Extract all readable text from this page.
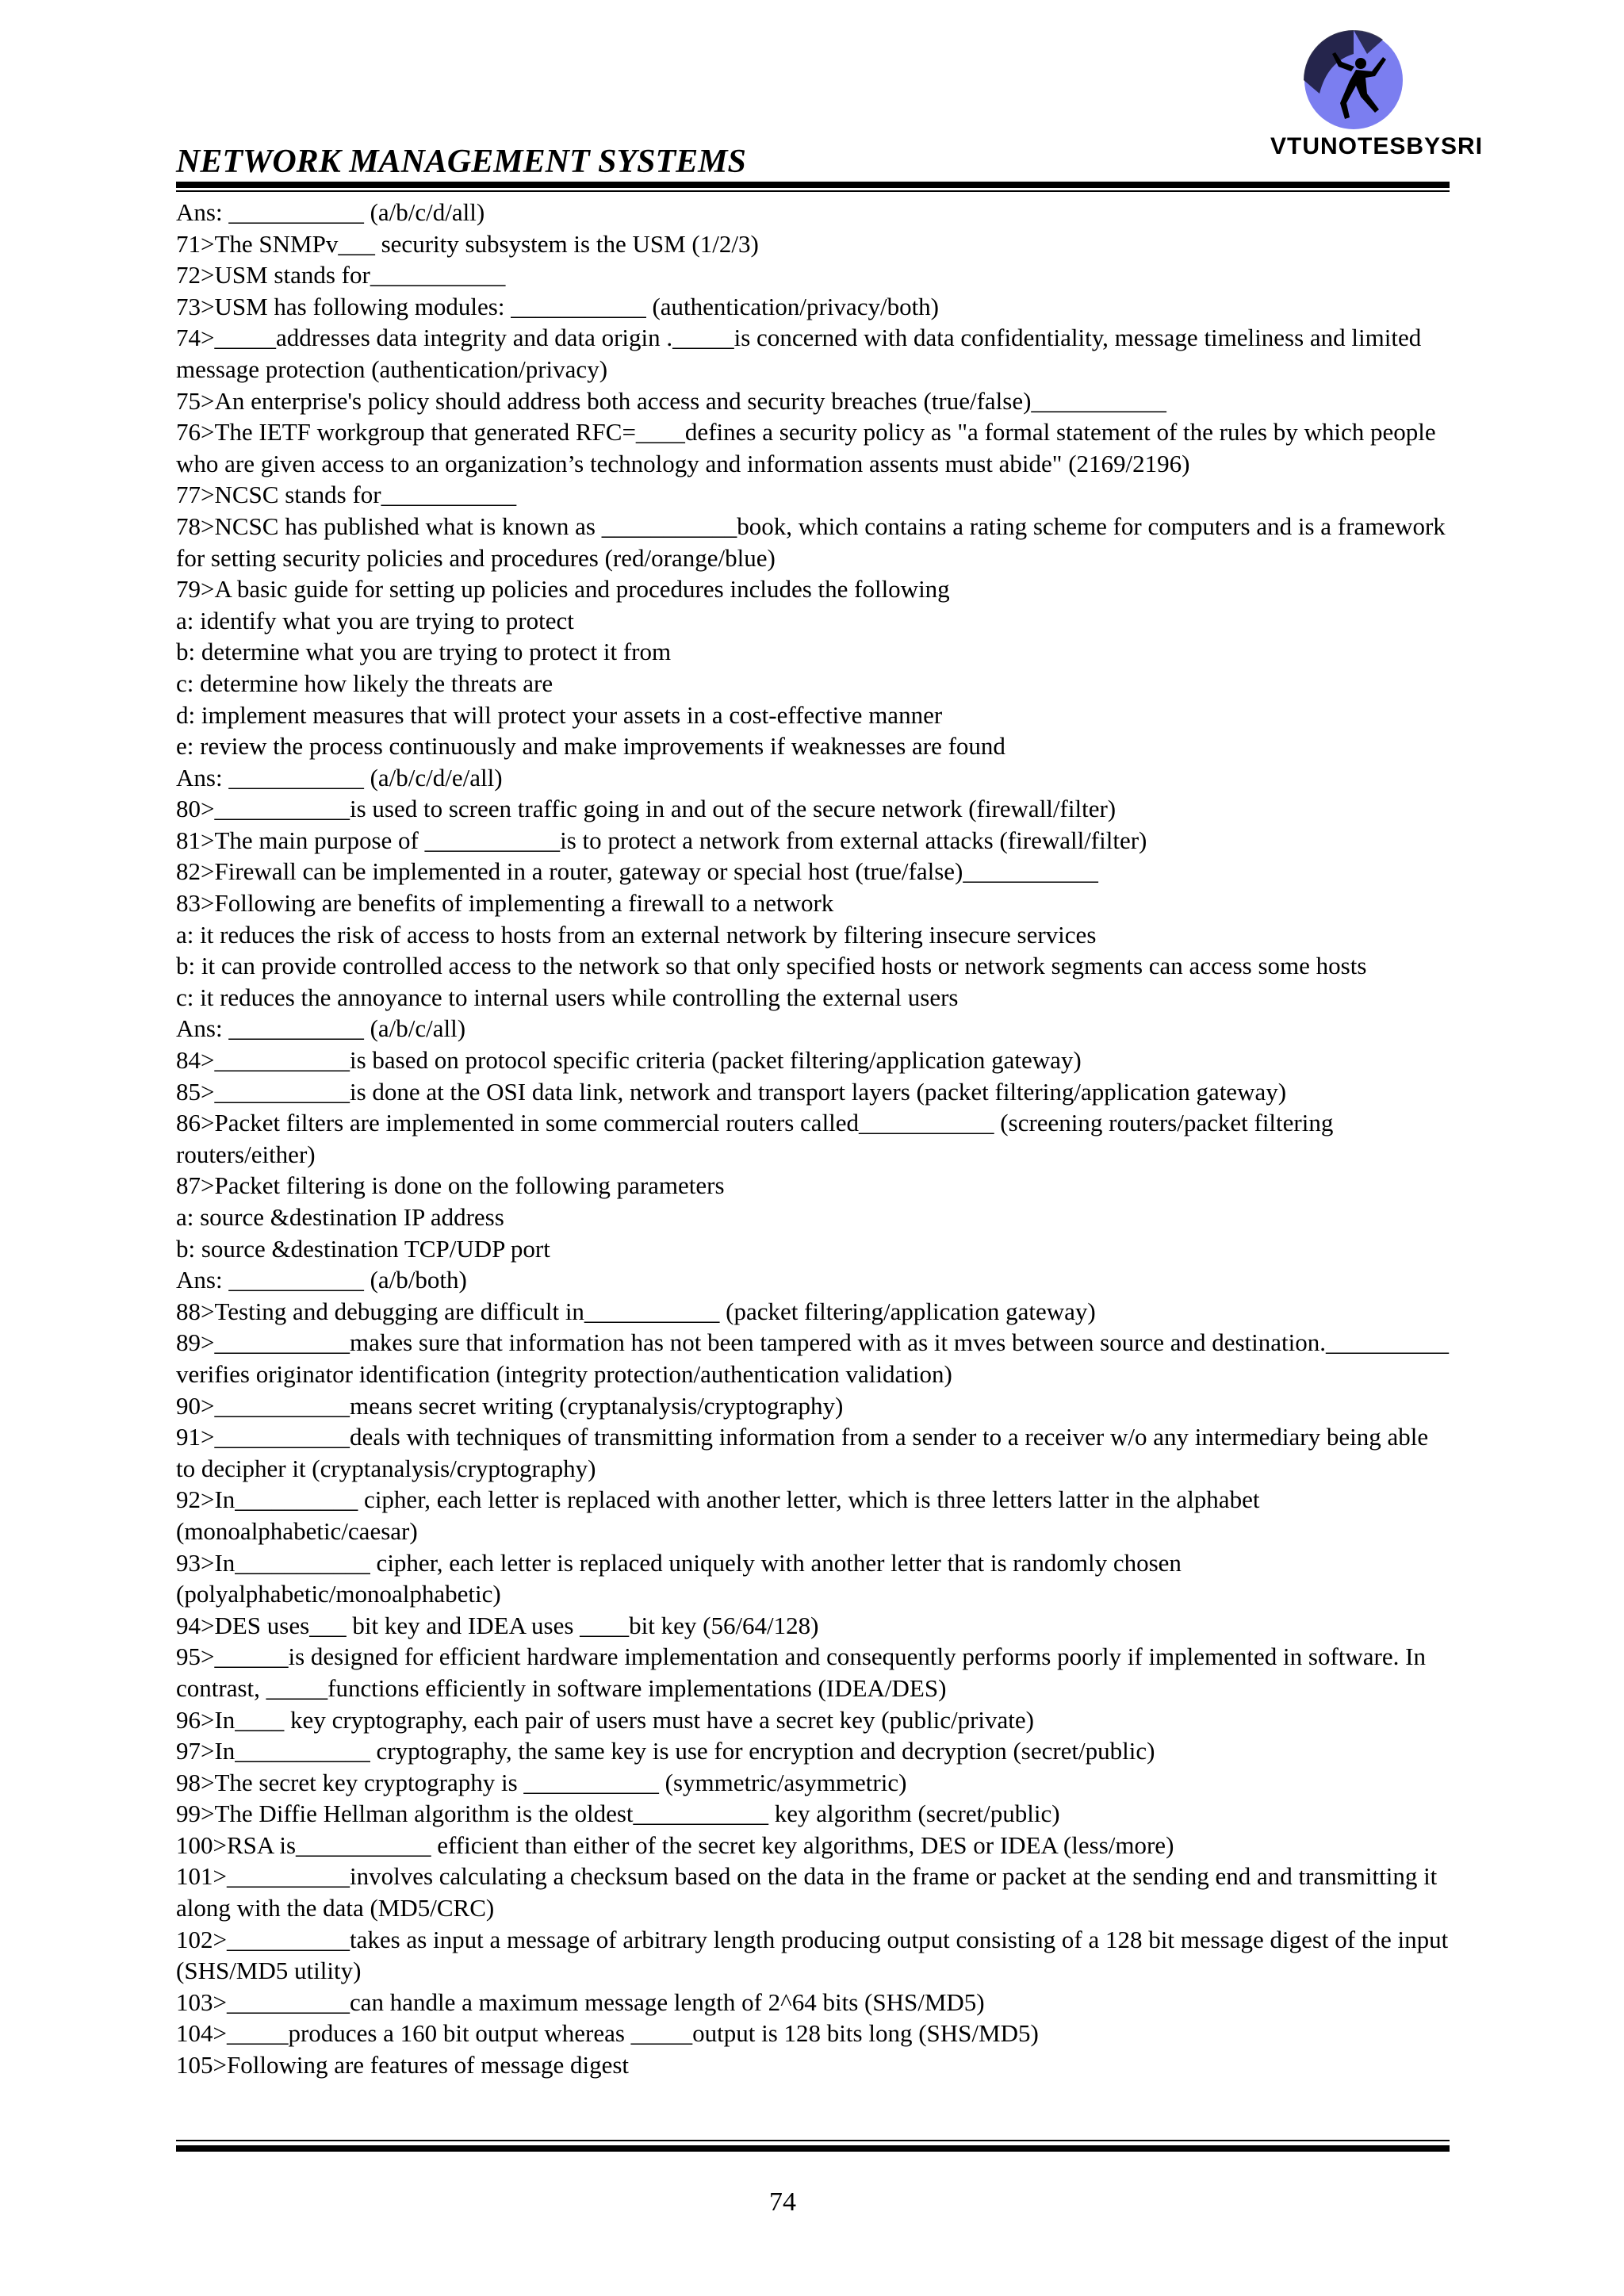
NETWORK MANAGEMENT SYSTEMS	VTUNOTESBYSRI

Ans: ___________ (a/b/c/d/all)

71>The SNMPv___ security subsystem is the USM (1/2/3)

72>USM stands for___________

73>USM has following modules: ___________ (authentication/privacy/both)

74>_____addresses data integrity and data origin ._____is concerned with data confidentiality, message timeliness and limited message protection (authentication/privacy)

75>An enterprise's policy should address both access and security breaches (true/false)___________

76>The IETF workgroup that generated RFC=____defines a security policy as "a formal statement of the rules by which people who are given access to an organization’s technology and information assents must abide" (2169/2196)

77>NCSC stands for___________

78>NCSC has published what is known as ___________book, which contains a rating scheme for computers and is a framework for setting security policies and procedures (red/orange/blue)

79>A basic guide for setting up policies and procedures includes the following

a: identify what you are trying to protect

b: determine what you are trying to protect it from

c: determine how likely the threats are

d: implement measures that will protect your assets in a cost-effective manner

e: review the process continuously and make improvements if weaknesses are found

Ans: ___________ (a/b/c/d/e/all)

80>___________is used to screen traffic going in and out of the secure network (firewall/filter)

81>The main purpose of ___________is to protect a network from external attacks (firewall/filter)

82>Firewall can be implemented in a router, gateway or special host (true/false)___________

83>Following are benefits of implementing a firewall to a network

a: it reduces the risk of access to hosts from an external network by filtering insecure services

b: it can provide controlled access to the network so that only specified hosts or network segments can access some hosts

c: it reduces the annoyance to internal users while controlling the external users

Ans: ___________ (a/b/c/all)

84>___________is based on protocol specific criteria (packet filtering/application gateway)

85>___________is done at the OSI data link, network and transport layers (packet filtering/application gateway)

86>Packet filters are implemented in some commercial routers called___________ (screening routers/packet filtering routers/either)

87>Packet filtering is done on the following parameters

a: source &destination IP address

b: source &destination TCP/UDP port

Ans: ___________ (a/b/both)

88>Testing and debugging are difficult in___________ (packet filtering/application gateway)

89>___________makes sure that information has not been tampered with as it mves between source and destination.__________ verifies originator identification (integrity protection/authentication validation)

90>___________means secret writing (cryptanalysis/cryptography)

91>___________deals with techniques of transmitting information from a sender to a receiver w/o any intermediary being able to decipher it (cryptanalysis/cryptography)

92>In__________ cipher, each letter is replaced with another letter, which is three letters latter in the alphabet (monoalphabetic/caesar)

93>In___________ cipher, each letter is replaced uniquely with another letter that is randomly chosen (polyalphabetic/monoalphabetic)

94>DES uses___ bit key and IDEA uses ____bit key (56/64/128)

95>______is designed for efficient hardware implementation and consequently performs poorly if implemented in software. In contrast, _____functions efficiently in software implementations (IDEA/DES)

96>In____ key cryptography, each pair of users must have a secret key (public/private)

97>In___________ cryptography, the same key is use for encryption and decryption (secret/public)

98>The secret key cryptography is ___________ (symmetric/asymmetric)

99>The Diffie Hellman algorithm is the oldest___________ key algorithm (secret/public)

100>RSA is___________ efficient than either of the secret key algorithms, DES or IDEA (less/more)

101>__________involves calculating a checksum based on the data in the frame or packet at the sending end and transmitting it along with the data (MD5/CRC)

102>__________takes as input a message of arbitrary length producing output consisting of a 128 bit message digest of the input (SHS/MD5 utility)

103>__________can handle a maximum message length of 2^64 bits (SHS/MD5)

104>_____produces a 160 bit output whereas _____output is 128 bits long (SHS/MD5)

105>Following are features of message digest

74
